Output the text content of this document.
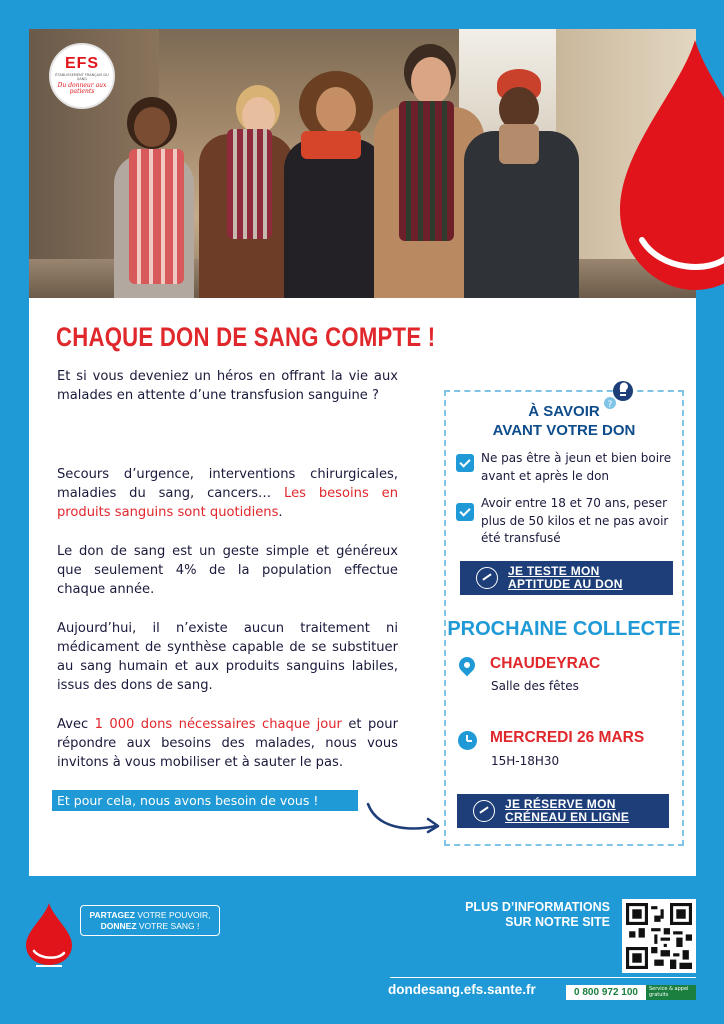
EFS
ÉTABLISSEMENT FRANÇAIS DU SANG
Du donneur aux patients
CHAQUE DON DE SANG COMPTE !
Et si vous deveniez un héros en offrant la vie aux malades en attente d’une transfusion sanguine ?
Secours d’urgence, interventions chirurgicales, maladies du sang, cancers… Les besoins en produits sanguins sont quotidiens.
Le don de sang est un geste simple et généreux que seulement 4% de la population effectue chaque année.
Aujourd’hui, il n’existe aucun traitement ni médicament de synthèse capable de se substituer au sang humain et aux produits sanguins labiles, issus des dons de sang.
Avec 1 000 dons nécessaires chaque jour et pour répondre aux besoins des malades, nous vous invitons à vous mobiliser et à sauter le pas.
Et pour cela, nous avons besoin de vous !
?
À SAVOIR
AVANT VOTRE DON
Ne pas être à jeun et bien boire avant et après le don
Avoir entre 18 et 70 ans, peser plus de 50 kilos et ne pas avoir été transfusé
JE TESTE MON
APTITUDE AU DON
PROCHAINE COLLECTE
CHAUDEYRAC
Salle des fêtes
MERCREDI 26 MARS
15H-18H30
JE RÉSERVE MON
CRÉNEAU EN LIGNE
PARTAGEZ VOTRE POUVOIR,
DONNEZ VOTRE SANG !
PLUS D’INFORMATIONS
SUR NOTRE SITE
dondesang.efs.sante.fr	0 800 972 100	Service & appel gratuits
